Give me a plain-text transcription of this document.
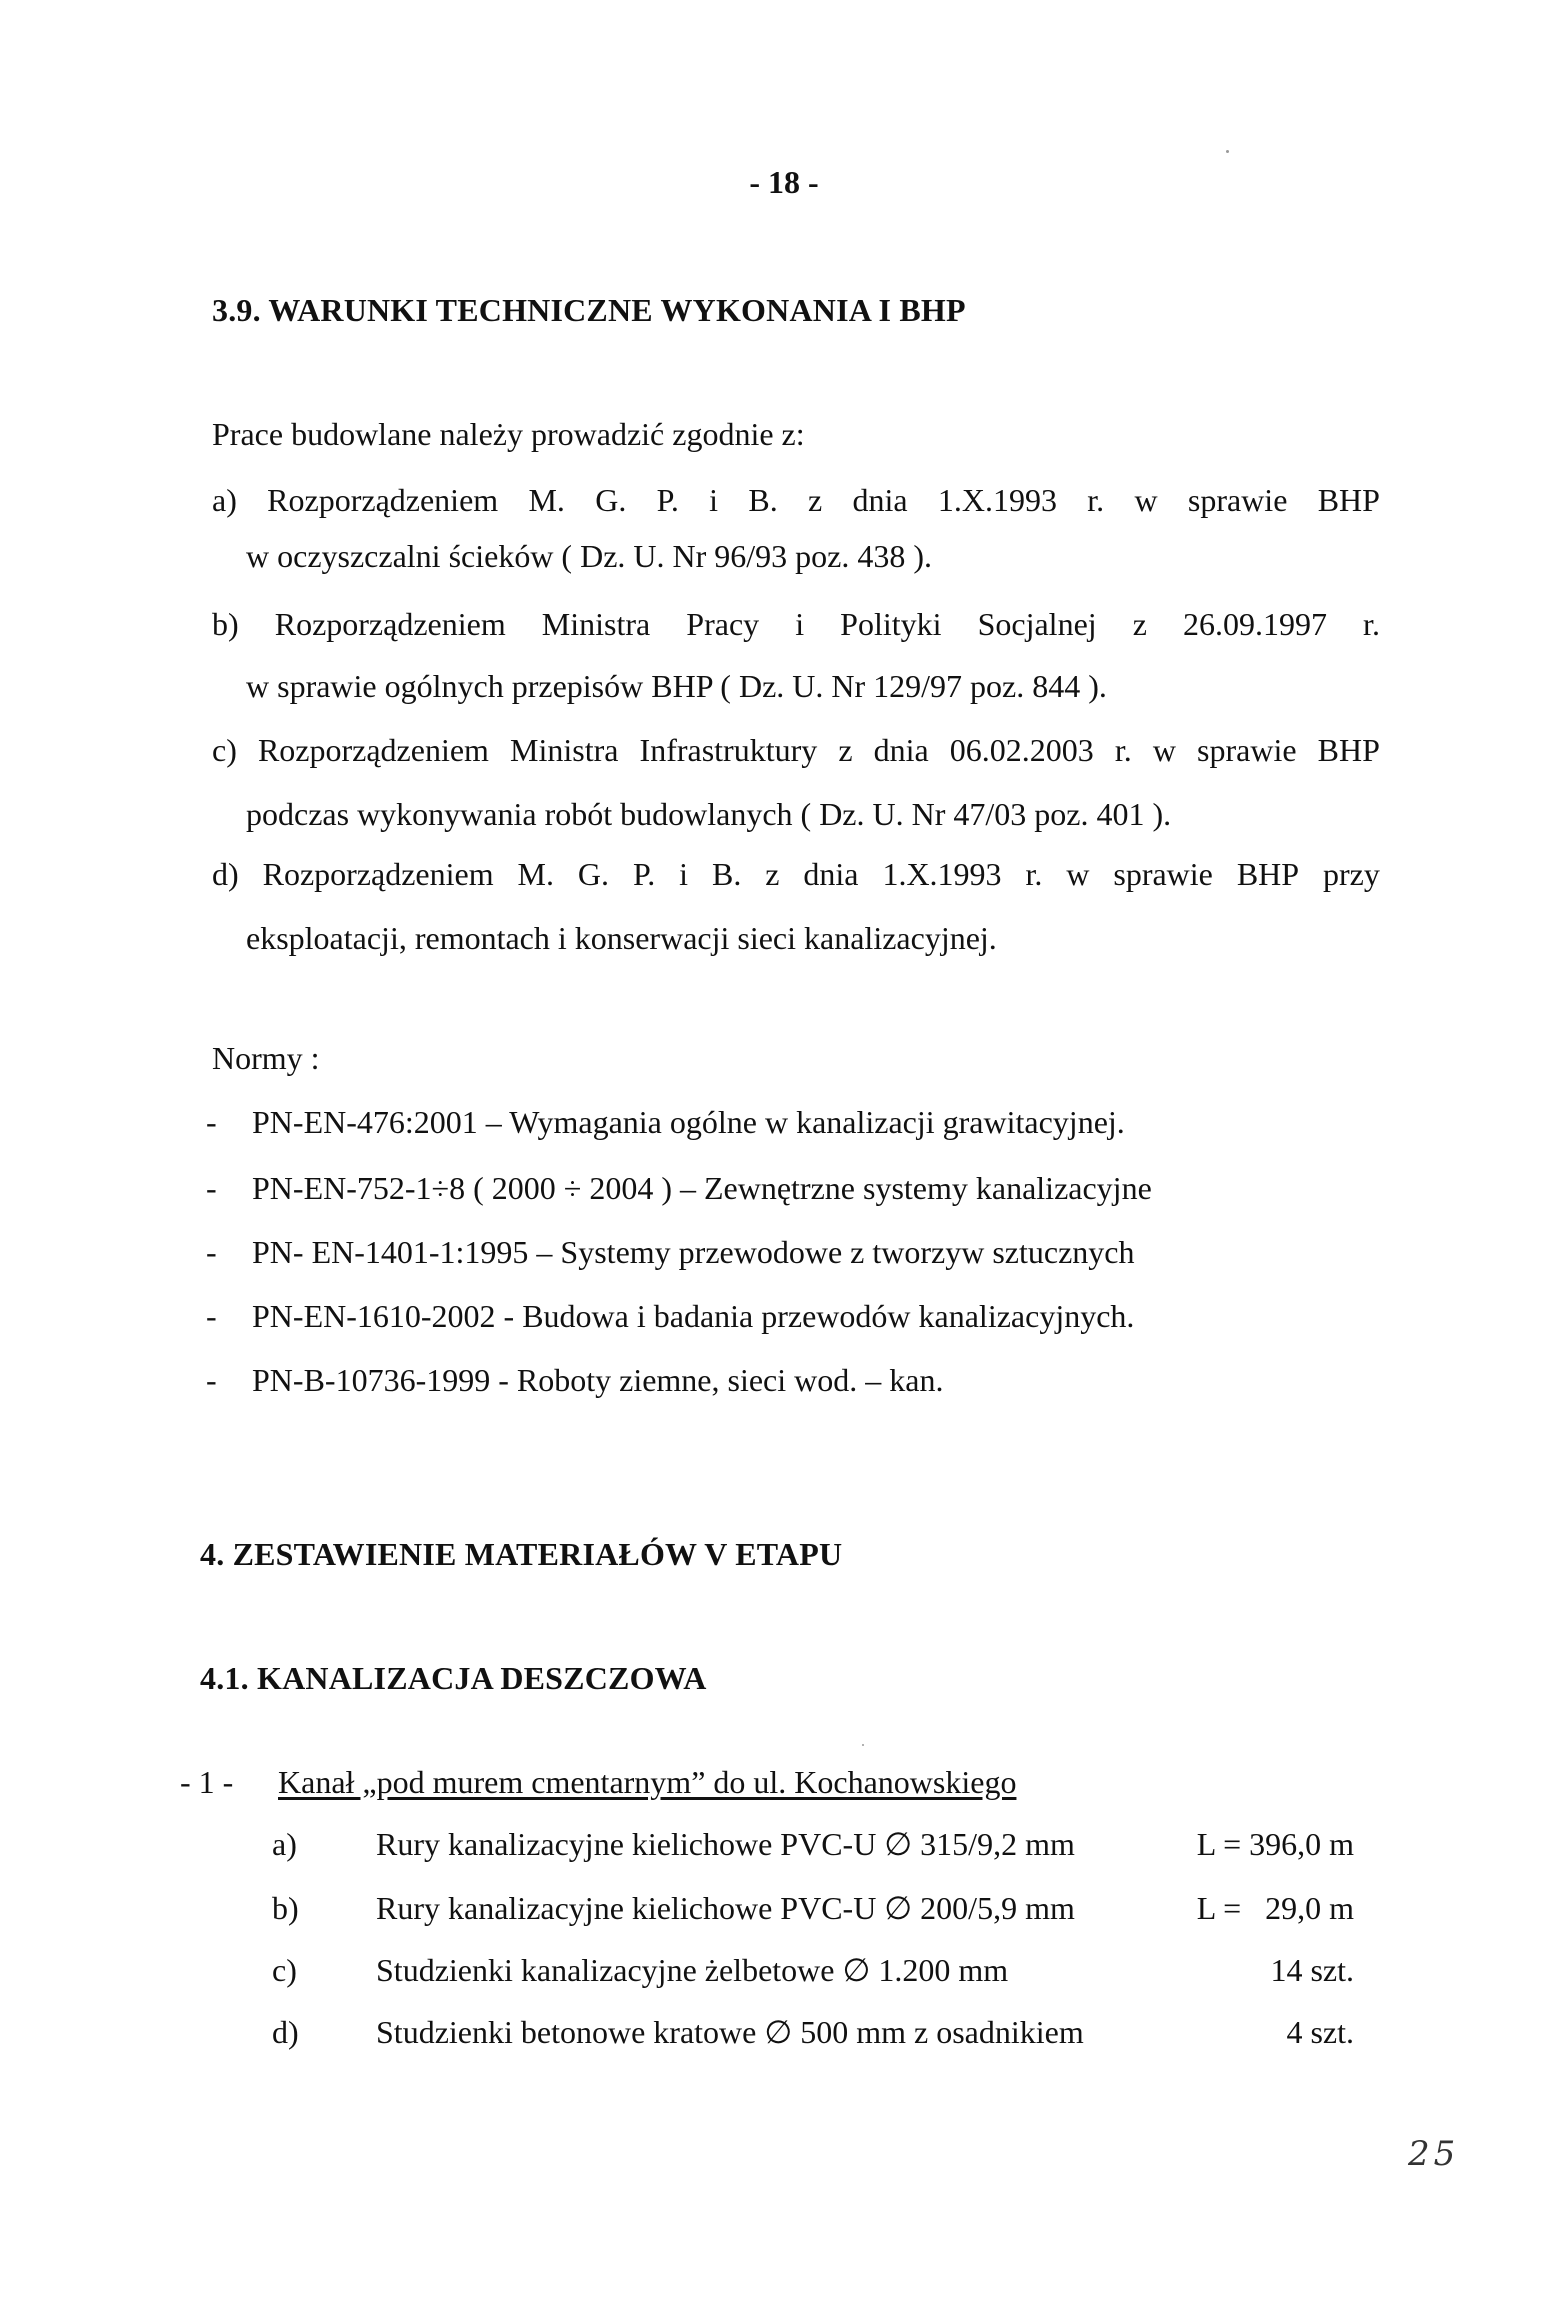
- 18 -
3.9. WARUNKI TECHNICZNE WYKONANIA I BHP
Prace budowlane należy prowadzić zgodnie z:
a) Rozporządzeniem M. G. P. i B. z dnia 1.X.1993 r. w sprawie BHP
w oczyszczalni ścieków ( Dz. U. Nr 96/93 poz. 438 ).
b) Rozporządzeniem Ministra Pracy i Polityki Socjalnej z 26.09.1997 r.
w sprawie ogólnych przepisów BHP ( Dz. U. Nr 129/97 poz. 844 ).
c) Rozporządzeniem Ministra Infrastruktury z dnia 06.02.2003 r. w sprawie BHP
podczas wykonywania robót budowlanych ( Dz. U. Nr 47/03 poz. 401 ).
d) Rozporządzeniem M. G. P. i B. z dnia 1.X.1993 r. w sprawie BHP przy
eksploatacji, remontach i konserwacji sieci kanalizacyjnej.
Normy :
- PN-EN-476:2001 – Wymagania ogólne w kanalizacji grawitacyjnej.
- PN-EN-752-1÷8 ( 2000 ÷ 2004 ) – Zewnętrzne systemy kanalizacyjne
- PN- EN-1401-1:1995 – Systemy przewodowe z tworzyw sztucznych
- PN-EN-1610-2002 - Budowa i badania przewodów kanalizacyjnych.
- PN-B-10736-1999 - Roboty ziemne, sieci wod. – kan.
4. ZESTAWIENIE MATERIAŁÓW V ETAPU
4.1. KANALIZACJA DESZCZOWA
- 1 - Kanał „pod murem cmentarnym” do ul. Kochanowskiego
a) Rury kanalizacyjne kielichowe PVC-U ∅ 315/9,2 mm	L = 396,0 m
b) Rury kanalizacyjne kielichowe PVC-U ∅ 200/5,9 mm	L =   29,0 m
c) Studzienki kanalizacyjne żelbetowe ∅ 1.200 mm	14 szt.
d) Studzienki betonowe kratowe ∅ 500 mm z osadnikiem	4 szt.
25
